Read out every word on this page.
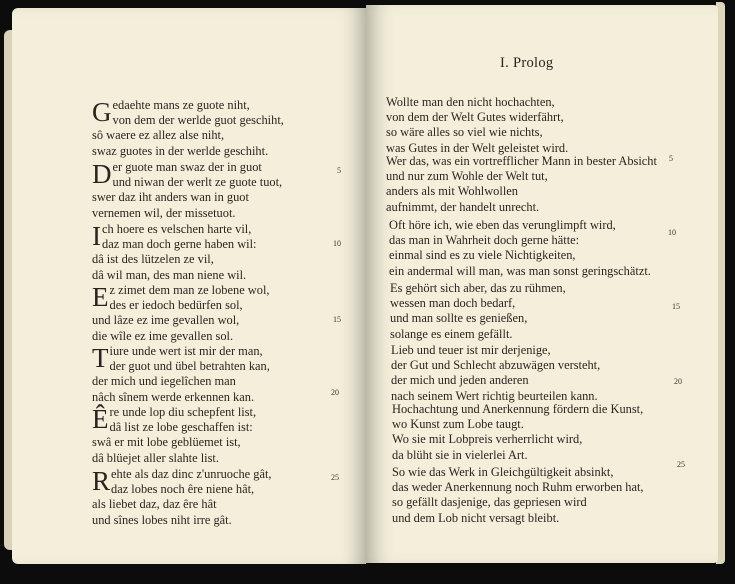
I. Prolog
G edaehte mans ze guote niht,
von dem der werlde guot geschiht,
sô waere ez allez alse niht,
swaz guotes in der werlde geschiht.
D er guote man swaz der in guot
und niwan der werlt ze guote tuot,
swer daz iht anders wan in guot
vernemen wil, der missetuot.
I ch hoere es velschen harte vil,
daz man doch gerne haben wil:
dâ ist des lützelen ze vil,
dâ wil man, des man niene wil.
E z zimet dem man ze lobene wol,
des er iedoch bedürfen sol,
und lâze ez ime gevallen wol,
die wîle ez ime gevallen sol.
T iure unde wert ist mir der man,
der guot und übel betrahten kan,
der mich und iegelîchen man
nâch sînem werde erkennen kan.
Ê re unde lop diu schepfent list,
dâ list ze lobe geschaffen ist:
swâ er mit lobe geblüemet ist,
dâ blüejet aller slahte list.
R ehte als daz dinc z'unruoche gât,
daz lobes noch êre niene hât,
als liebet daz, daz êre hât
und sînes lobes niht irre gât.
5
10
15
20
25
Wollte man den nicht hochachten,
von dem der Welt Gutes widerfährt,
so wäre alles so viel wie nichts,
was Gutes in der Welt geleistet wird.
Wer das, was ein vortrefflicher Mann in bester Absicht
und nur zum Wohle der Welt tut,
anders als mit Wohlwollen
aufnimmt, der handelt unrecht.
Oft höre ich, wie eben das verunglimpft wird,
das man in Wahrheit doch gerne hätte:
einmal sind es zu viele Nichtigkeiten,
ein andermal will man, was man sonst geringschätzt.
Es gehört sich aber, das zu rühmen,
wessen man doch bedarf,
und man sollte es genießen,
solange es einem gefällt.
Lieb und teuer ist mir derjenige,
der Gut und Schlecht abzuwägen versteht,
der mich und jeden anderen
nach seinem Wert richtig beurteilen kann.
Hochachtung und Anerkennung fördern die Kunst,
wo Kunst zum Lobe taugt.
Wo sie mit Lobpreis verherrlicht wird,
da blüht sie in vielerlei Art.
So wie das Werk in Gleichgültigkeit absinkt,
das weder Anerkennung noch Ruhm erworben hat,
so gefällt dasjenige, das gepriesen wird
und dem Lob nicht versagt bleibt.
5
10
15
20
25
